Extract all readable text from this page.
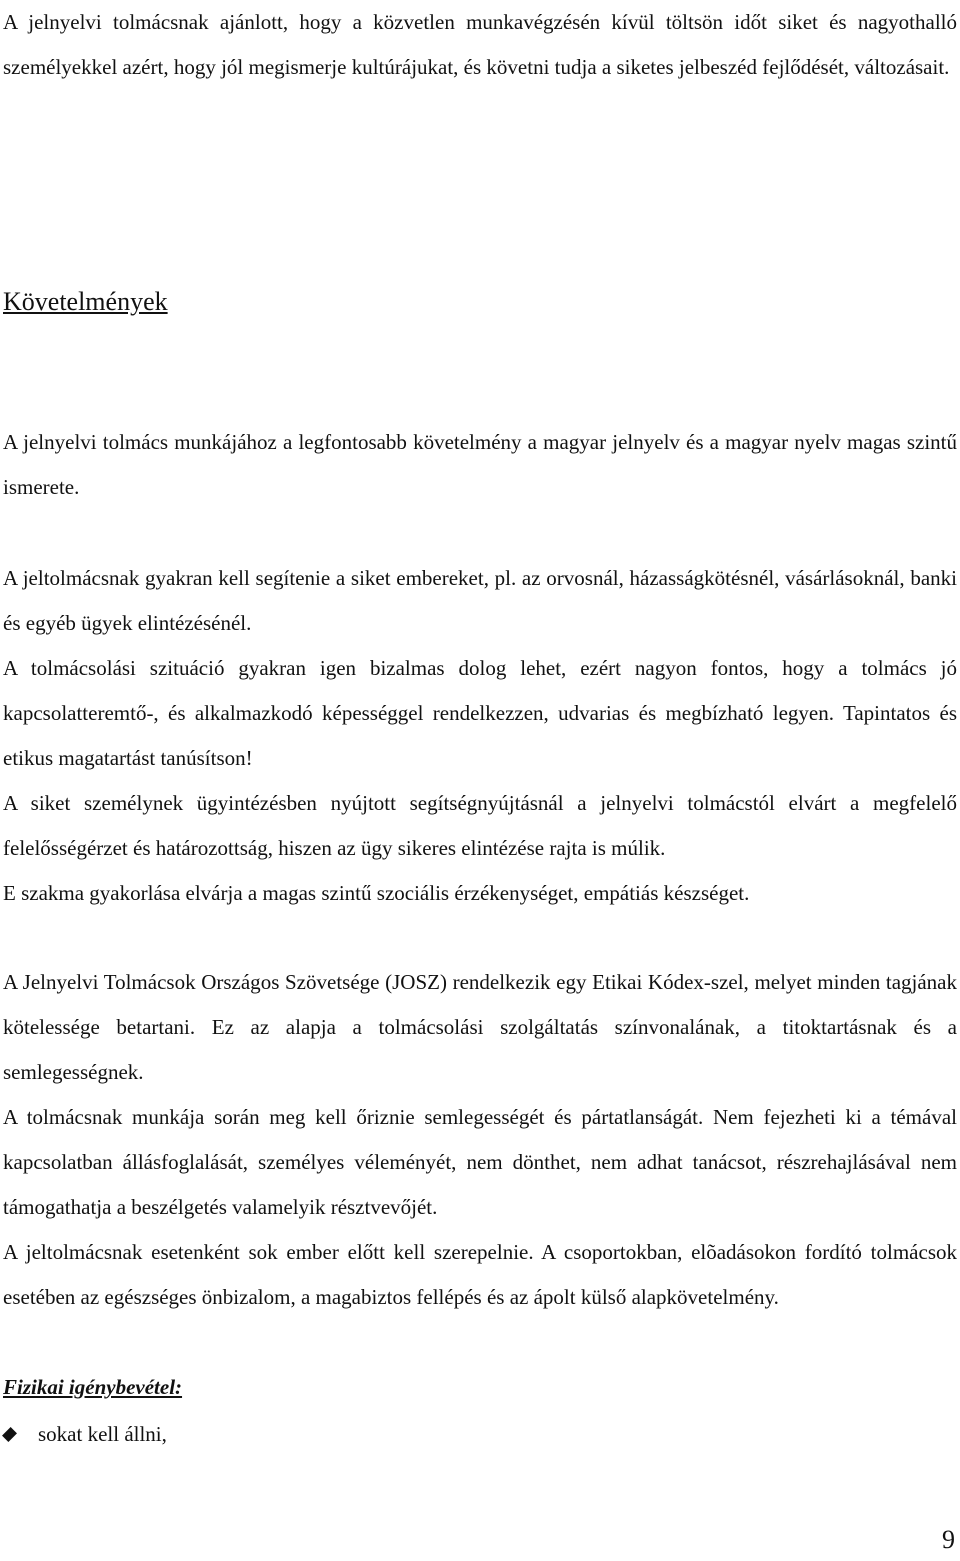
A jelnyelvi tolmácsnak ajánlott, hogy a közvetlen munkavégzésén kívül töltsön időt siket és nagyothalló személyekkel azért, hogy jól megismerje kultúrájukat, és követni tudja a siketes jelbeszéd fejlődését, változásait.

Követelmények

A jelnyelvi tolmács munkájához a legfontosabb követelmény a magyar jelnyelv és a magyar nyelv magas szintű ismerete.

A jeltolmácsnak gyakran kell segítenie a siket embereket, pl. az orvosnál, házasságkötésnél, vásárlásoknál, banki és egyéb ügyek elintézésénél.

A tolmácsolási szituáció gyakran igen bizalmas dolog lehet, ezért nagyon fontos, hogy a tolmács jó kapcsolatteremtő-, és alkalmazkodó képességgel rendelkezzen, udvarias és megbízható legyen. Tapintatos és etikus magatartást tanúsítson!

A siket személynek ügyintézésben nyújtott segítségnyújtásnál a jelnyelvi tolmácstól elvárt a megfelelő felelősségérzet és határozottság, hiszen az ügy sikeres elintézése rajta is múlik.

E szakma gyakorlása elvárja a magas szintű szociális érzékenységet, empátiás készséget.

A Jelnyelvi Tolmácsok Országos Szövetsége (JOSZ) rendelkezik egy Etikai Kódex-szel, melyet minden tagjának kötelessége betartani. Ez az alapja a tolmácsolási szolgáltatás színvonalának, a titoktartásnak és a semlegességnek.

A tolmácsnak munkája során meg kell őriznie semlegességét és pártatlanságát. Nem fejezheti ki a témával kapcsolatban állásfoglalását, személyes véleményét, nem dönthet, nem adhat tanácsot, részrehajlásával nem támogathatja a beszélgetés valamelyik résztvevőjét.

A jeltolmácsnak esetenként sok ember előtt kell szerepelnie. A csoportokban, elõadásokon fordító tolmácsok esetében az egészséges önbizalom, a magabiztos fellépés és az ápolt külső alapkövetelmény.

Fizikai igénybevétel:
sokat kell állni,
9
